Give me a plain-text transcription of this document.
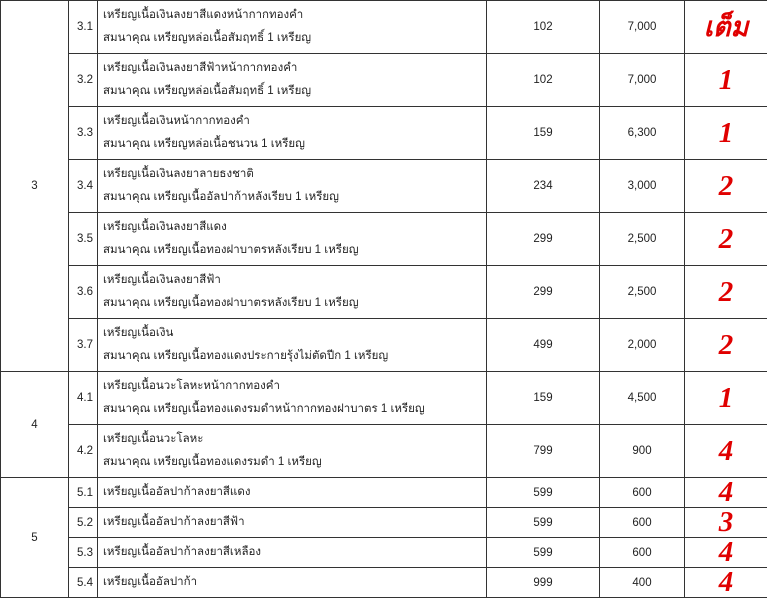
3	3.1	เหรียญเนื้อเงินลงยาสีแดงหน้ากากทองคำ
สมนาคุณ เหรียญหล่อเนื้อสัมฤทธิ์ 1 เหรียญ	102	7,000	เต็ม
	3.2	เหรียญเนื้อเงินลงยาสีฟ้าหน้ากากทองคำ
สมนาคุณ เหรียญหล่อเนื้อสัมฤทธิ์ 1 เหรียญ	102	7,000	1
	3.3	เหรียญเนื้อเงินหน้ากากทองคำ
สมนาคุณ เหรียญหล่อเนื้อชนวน 1 เหรียญ	159	6,300	1
	3.4	เหรียญเนื้อเงินลงยาลายธงชาติ
สมนาคุณ เหรียญเนื้ออัลปาก้าหลังเรียบ 1 เหรียญ	234	3,000	2
	3.5	เหรียญเนื้อเงินลงยาสีแดง
สมนาคุณ เหรียญเนื้อทองฝาบาตรหลังเรียบ 1 เหรียญ	299	2,500	2
	3.6	เหรียญเนื้อเงินลงยาสีฟ้า
สมนาคุณ เหรียญเนื้อทองฝาบาตรหลังเรียบ 1 เหรียญ	299	2,500	2
	3.7	เหรียญเนื้อเงิน
สมนาคุณ เหรียญเนื้อทองแดงประกายรุ้งไม่ตัดปีก 1 เหรียญ	499	2,000	2
4	4.1	เหรียญเนื้อนวะโลหะหน้ากากทองคำ
สมนาคุณ เหรียญเนื้อทองแดงรมดำหน้ากากทองฝาบาตร 1 เหรียญ	159	4,500	1
	4.2	เหรียญเนื้อนวะโลหะ
สมนาคุณ เหรียญเนื้อทองแดงรมดำ 1 เหรียญ	799	900	4
5	5.1	เหรียญเนื้ออัลปาก้าลงยาสีแดง	599	600	4
	5.2	เหรียญเนื้ออัลปาก้าลงยาสีฟ้า	599	600	3
	5.3	เหรียญเนื้ออัลปาก้าลงยาสีเหลือง	599	600	4
	5.4	เหรียญเนื้ออัลปาก้า	999	400	4
